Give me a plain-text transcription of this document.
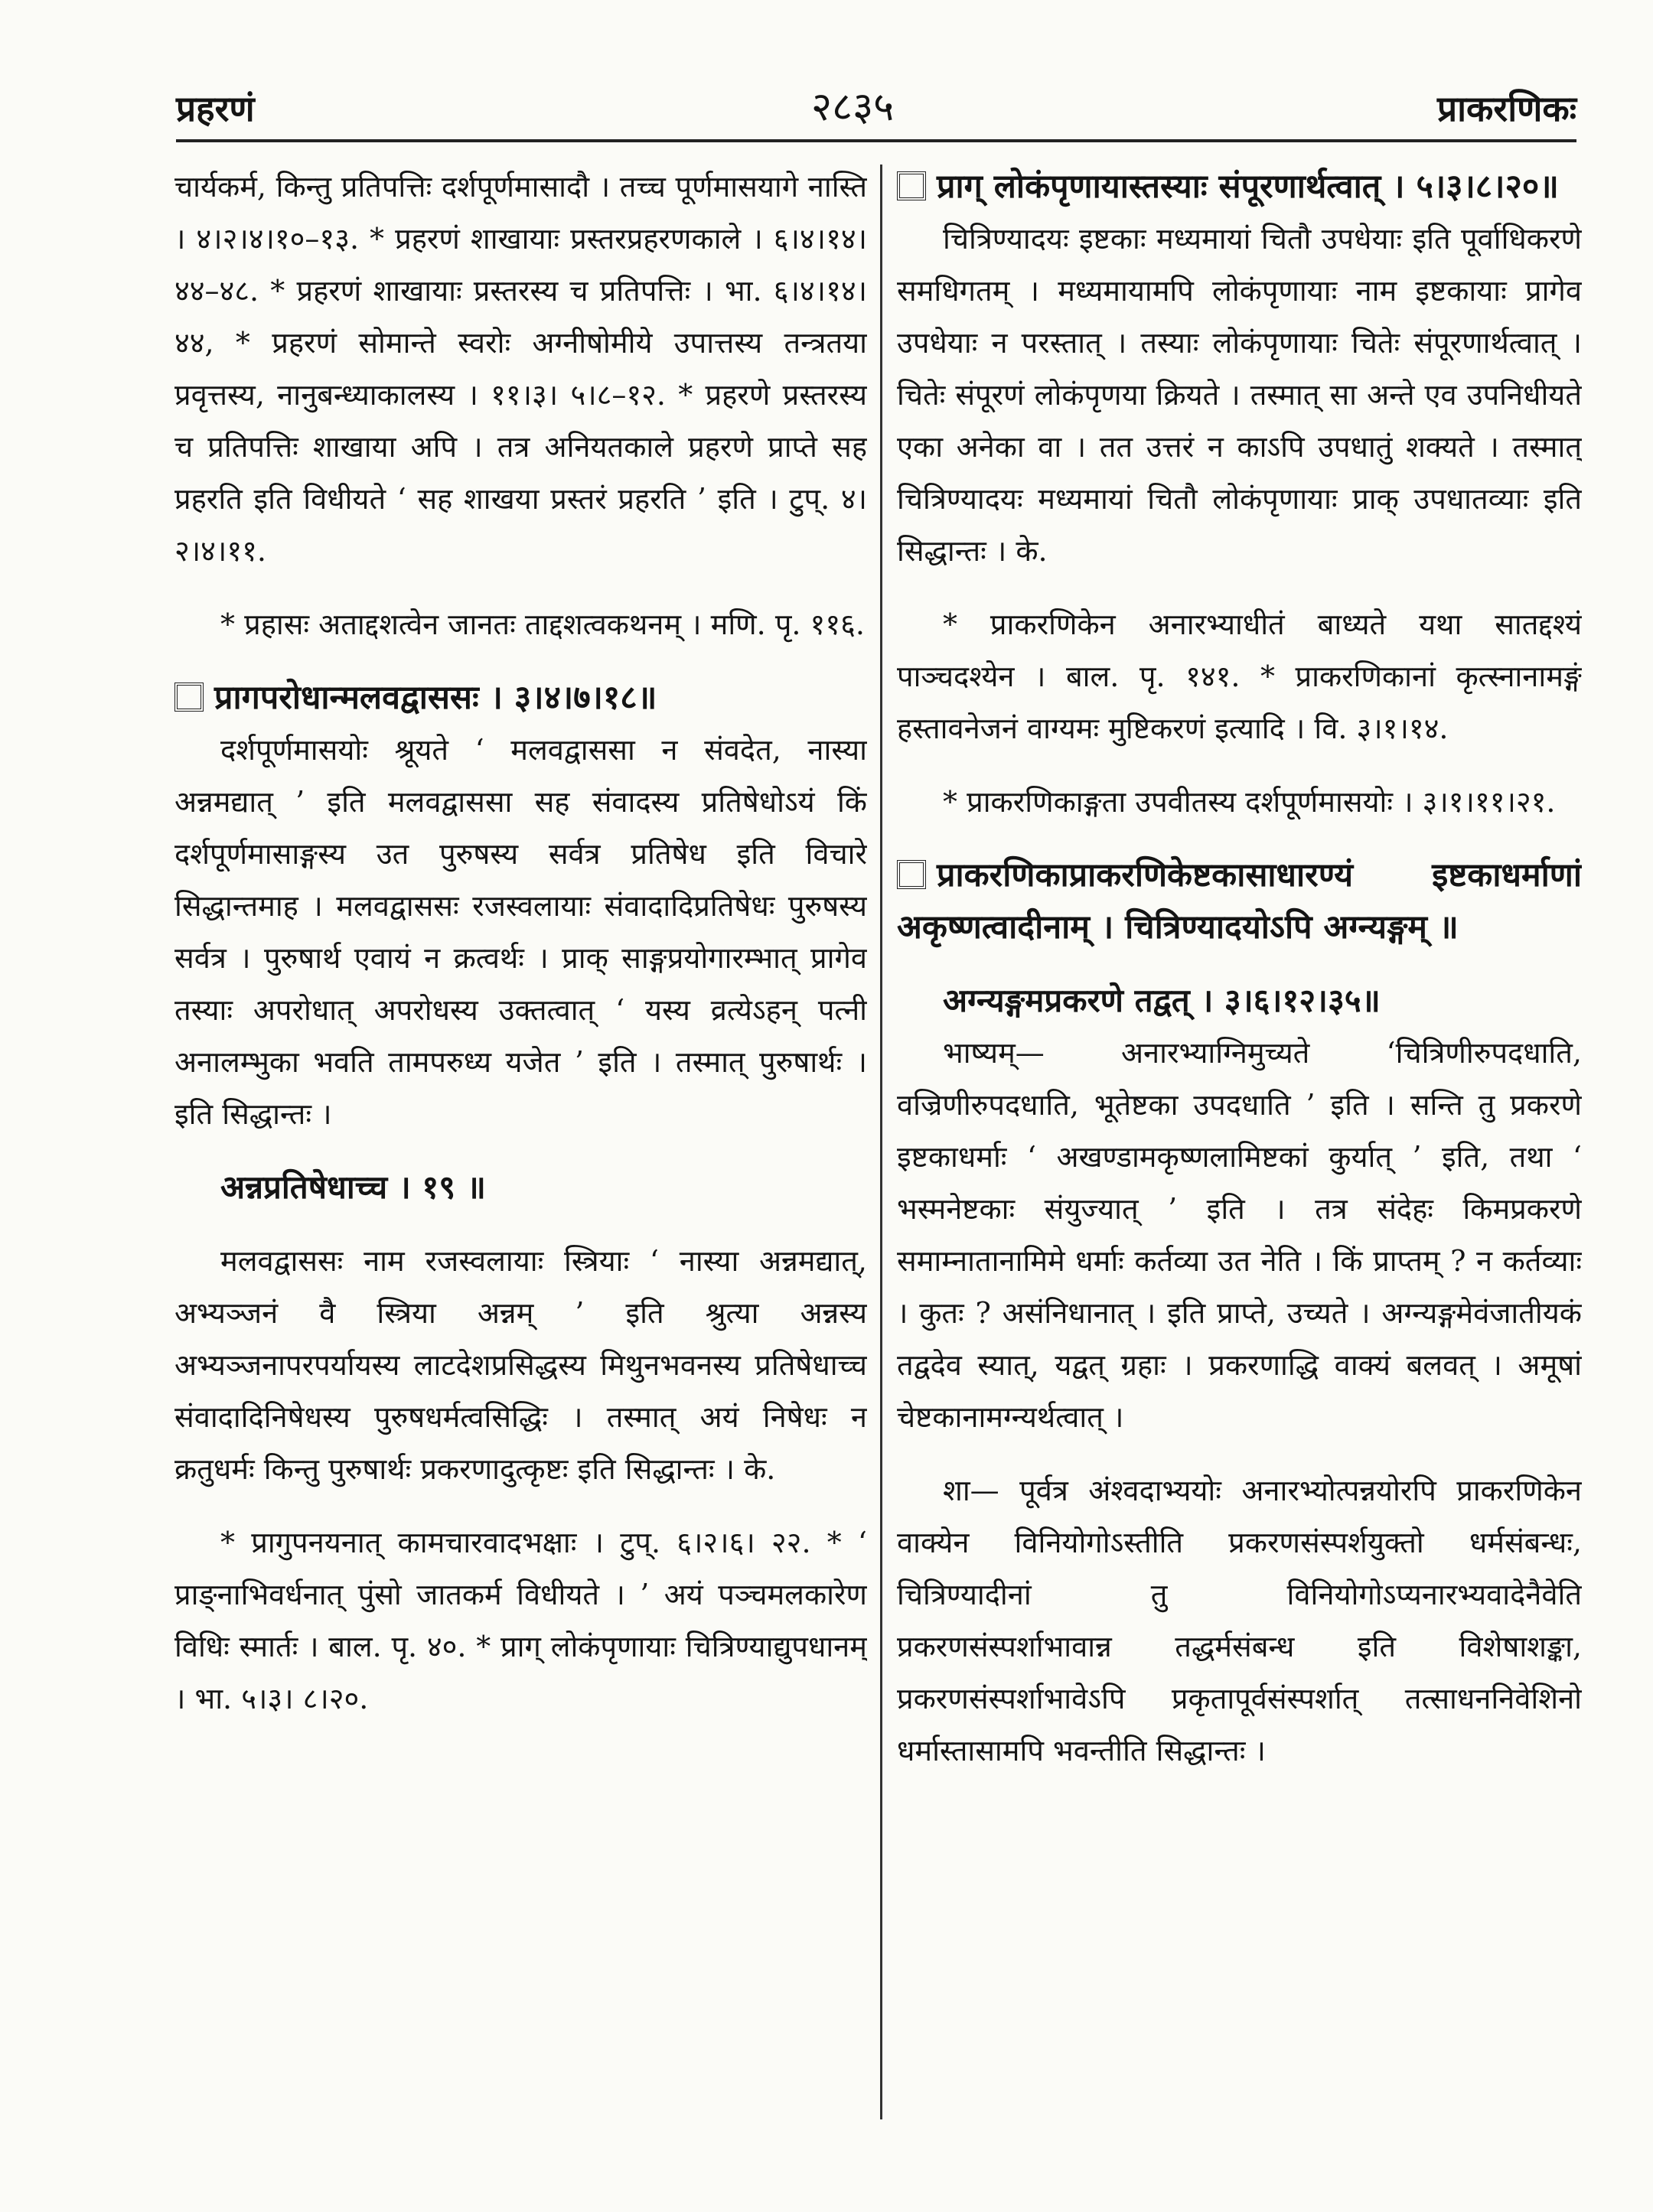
प्रहरणं	२८३५	प्राकरणिकः

चार्यकर्म, किन्तु प्रतिपत्तिः दर्शपूर्णमासादौ । तच्च पूर्णमासयागे नास्ति । ४।२।४।१०–१३. * प्रहरणं शाखायाः प्रस्तरप्रहरणकाले । ६।४।१४।४४–४८. * प्रहरणं शाखायाः प्रस्तरस्य च प्रतिपत्तिः । भा. ६।४।१४।४४, * प्रहरणं सोमान्ते स्वरोः अग्नीषोमीये उपात्तस्य तन्त्रतया प्रवृत्तस्य, नानुबन्ध्याकालस्य । ११।३। ५।८–१२. * प्रहरणे प्रस्तरस्य च प्रतिपत्तिः शाखाया अपि । तत्र अनियतकाले प्रहरणे प्राप्ते सह प्रहरति इति विधीयते ‘ सह शाखया प्रस्तरं प्रहरति ’ इति । टुप्. ४।२।४।११.

* प्रहासः अताद्दशत्वेन जानतः ताद्दशत्वकथनम् । मणि. पृ. ११६.

प्रागपरोधान्मलवद्वाससः । ३।४।७।१८॥

दर्शपूर्णमासयोः श्रूयते ‘ मलवद्वाससा न संवदेत, नास्या अन्नमद्यात् ’ इति मलवद्वाससा सह संवादस्य प्रतिषेधोऽयं किं दर्शपूर्णमासाङ्गस्य उत पुरुषस्य सर्वत्र प्रतिषेध इति विचारे सिद्धान्तमाह । मलवद्वाससः रजस्वलायाः संवादादिप्रतिषेधः पुरुषस्य सर्वत्र । पुरुषार्थ एवायं न क्रत्वर्थः । प्राक् साङ्गप्रयोगारम्भात् प्रागेव तस्याः अपरोधात् अपरोधस्य उक्तत्वात् ‘ यस्य व्रत्येऽहन् पत्नी अनालम्भुका भवति तामपरुध्य यजेत ’ इति । तस्मात् पुरुषार्थः । इति सिद्धान्तः ।

अन्नप्रतिषेधाच्च । १९ ॥

मलवद्वाससः नाम रजस्वलायाः स्त्रियाः ‘ नास्या अन्नमद्यात्, अभ्यञ्जनं वै स्त्रिया अन्नम् ’ इति श्रुत्या अन्नस्य अभ्यञ्जनापरपर्यायस्य लाटदेशप्रसिद्धस्य मिथुनभवनस्य प्रतिषेधाच्च संवादादिनिषेधस्य पुरुषधर्मत्वसिद्धिः । तस्मात् अयं निषेधः न क्रतुधर्मः किन्तु पुरुषार्थः प्रकरणादुत्कृष्टः इति सिद्धान्तः । के.

* प्रागुपनयनात् कामचारवादभक्षाः । टुप्. ६।२।६। २२. * ‘ प्राङ्नाभिवर्धनात् पुंसो जातकर्म विधीयते । ’ अयं पञ्चमलकारेण विधिः स्मार्तः । बाल. पृ. ४०. * प्राग् लोकंपृणायाः चित्रिण्याद्युपधानम् । भा. ५।३। ८।२०.

प्राग् लोकंपृणायास्तस्याः संपूरणार्थत्वात् । ५।३।८।२०॥

चित्रिण्यादयः इष्टकाः मध्यमायां चितौ उपधेयाः इति पूर्वाधिकरणे समधिगतम् । मध्यमायामपि लोकंपृणायाः नाम इष्टकायाः प्रागेव उपधेयाः न परस्तात् । तस्याः लोकंपृणायाः चितेः संपूरणार्थत्वात् । चितेः संपूरणं लोकंपृणया क्रियते । तस्मात् सा अन्ते एव उपनिधीयते एका अनेका वा । तत उत्तरं न काऽपि उपधातुं शक्यते । तस्मात् चित्रिण्यादयः मध्यमायां चितौ लोकंपृणायाः प्राक् उपधातव्याः इति सिद्धान्तः । के.

* प्राकरणिकेन अनारभ्याधीतं बाध्यते यथा सातद्दश्यं पाञ्चदश्येन । बाल. पृ. १४१. * प्राकरणिकानां कृत्स्नानामङ्गं हस्तावनेजनं वाग्यमः मुष्टिकरणं इत्यादि । वि. ३।१।१४.

* प्राकरणिकाङ्गता उपवीतस्य दर्शपूर्णमासयोः । ३।१।११।२१.

प्राकरणिकाप्राकरणिकेष्टकासाधारण्यं इष्टकाधर्माणां अकृष्णत्वादीनाम् । चित्रिण्यादयोऽपि अग्न्यङ्गम् ॥

अग्न्यङ्गमप्रकरणे तद्वत् । ३।६।१२।३५॥

भाष्यम्— अनारभ्याग्निमुच्यते ‘चित्रिणीरुपदधाति, वज्रिणीरुपदधाति, भूतेष्टका उपदधाति ’ इति । सन्ति तु प्रकरणे इष्टकाधर्माः ‘ अखण्डामकृष्णलामिष्टकां कुर्यात् ’ इति, तथा ‘ भस्मनेष्टकाः संयुज्यात् ’ इति । तत्र संदेहः किमप्रकरणे समाम्नातानामिमे धर्माः कर्तव्या उत नेति । किं प्राप्तम् ? न कर्तव्याः । कुतः ? असंनिधानात् । इति प्राप्ते, उच्यते । अग्न्यङ्गमेवंजातीयकं तद्वदेव स्यात्, यद्वत् ग्रहाः । प्रकरणाद्धि वाक्यं बलवत् । अमूषां चेष्टकानामग्न्यर्थत्वात् ।

शा— पूर्वत्र अंश्वदाभ्ययोः अनारभ्योत्पन्नयोरपि प्राकरणिकेन वाक्येन विनियोगोऽस्तीति प्रकरणसंस्पर्शयुक्तो धर्मसंबन्धः, चित्रिण्यादीनां तु विनियोगोऽप्यनारभ्यवादेनैवेति प्रकरणसंस्पर्शाभावान्न तद्धर्मसंबन्ध इति विशेषाशङ्का, प्रकरणसंस्पर्शाभावेऽपि प्रकृतापूर्वसंस्पर्शात् तत्साधननिवेशिनो धर्मास्तासामपि भवन्तीति सिद्धान्तः ।
